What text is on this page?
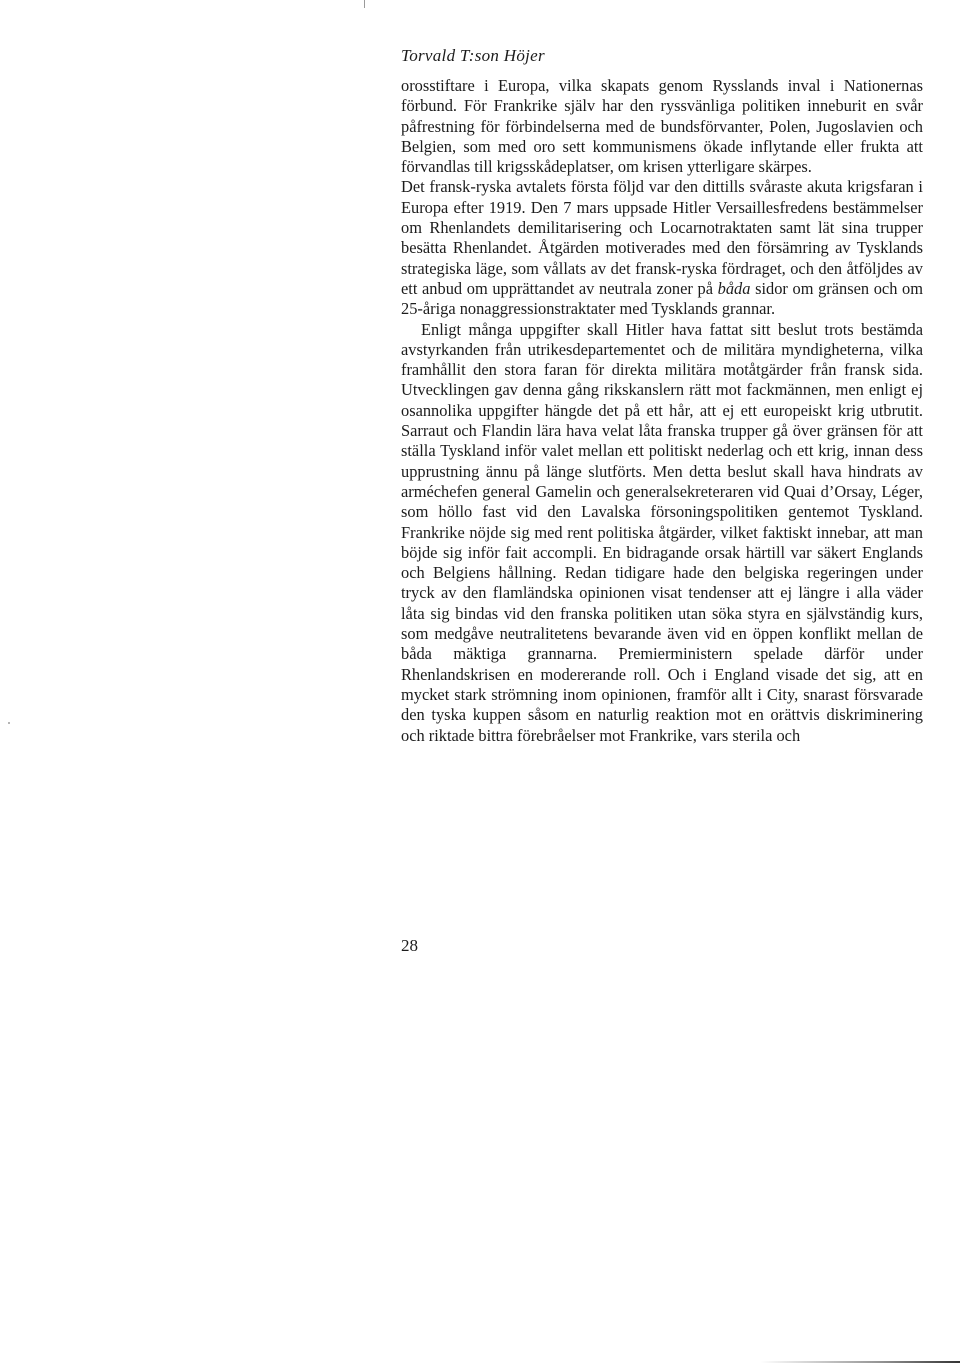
Torvald T:son Höjer

orosstiftare i Europa, vilka skapats genom Rysslands inval i Nationernas förbund. För Frankrike själv har den ryssvänliga politiken inneburit en svår påfrestning för förbindelserna med de bundsförvanter, Polen, Jugoslavien och Belgien, som med oro sett kommunismens ökade inflytande eller frukta att förvandlas till krigsskådeplatser, om krisen ytterligare skärpes.

Det fransk-ryska avtalets första följd var den dittills svåraste akuta krigsfaran i Europa efter 1919. Den 7 mars uppsade Hitler Versaillesfredens bestämmelser om Rhenlandets demilitarisering och Locarnotraktaten samt lät sina trupper besätta Rhenlandet. Åtgärden motiverades med den försämring av Tysklands strategiska läge, som vållats av det fransk-ryska fördraget, och den åtföljdes av ett anbud om upprättandet av neutrala zoner på båda sidor om gränsen och om 25-åriga nonaggressionstraktater med Tysklands grannar.

Enligt många uppgifter skall Hitler hava fattat sitt beslut trots bestämda avstyrkanden från utrikesdepartementet och de militära myndigheterna, vilka framhållit den stora faran för direkta militära motåtgärder från fransk sida. Utvecklingen gav denna gång rikskanslern rätt mot fackmännen, men enligt ej osannolika uppgifter hängde det på ett hår, att ej ett europeiskt krig utbrutit. Sarraut och Flandin lära hava velat låta franska trupper gå över gränsen för att ställa Tyskland inför valet mellan ett politiskt nederlag och ett krig, innan dess upprustning ännu på länge slutförts. Men detta beslut skall hava hindrats av arméchefen general Gamelin och generalsekreteraren vid Quai d’Orsay, Léger, som höllo fast vid den Lavalska försoningspolitiken gentemot Tyskland. Frankrike nöjde sig med rent politiska åtgärder, vilket faktiskt innebar, att man böjde sig inför fait accompli. En bidragande orsak härtill var säkert Englands och Belgiens hållning. Redan tidigare hade den belgiska regeringen under tryck av den flamländska opinionen visat tendenser att ej längre i alla väder låta sig bindas vid den franska politiken utan söka styra en självständig kurs, som medgåve neutralitetens bevarande även vid en öppen konflikt mellan de båda mäktiga grannarna. Premierministern spelade därför under Rhenlandskrisen en modererande roll. Och i England visade det sig, att en mycket stark strömning inom opinionen, framför allt i City, snarast försvarade den tyska kuppen såsom en naturlig reaktion mot en orättvis diskriminering och riktade bittra förebråelser mot Frankrike, vars sterila och

28
